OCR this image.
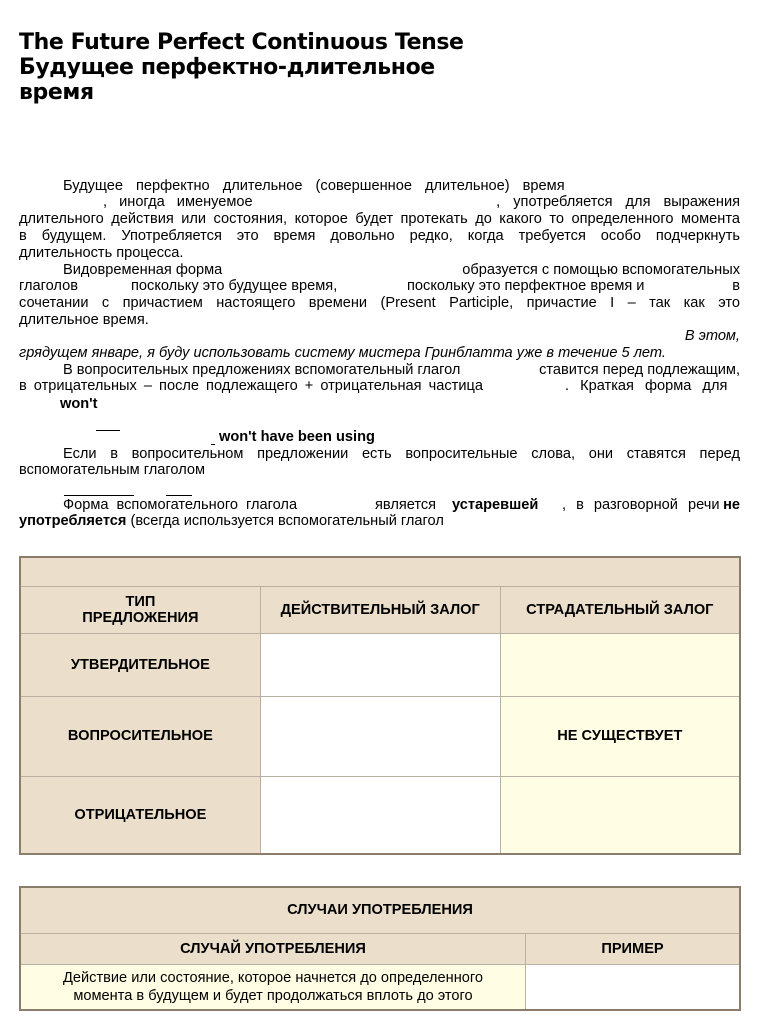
The Future Perfect Continuous Tense
Будущее перфектно-длительное
время
Будущее перфектно длительное (совершенное длительное) время
, иногда именуемое	, употребляется для выражения
длительного действия или состояния, которое будет протекать до какого то определенного момента
в будущем. Употребляется это время довольно редко, когда требуется особо подчеркнуть
длительность процесса.
Видовременная форма	образуется с помощью вспомогательных
глаголов	поскольку это будущее время,	поскольку это перфектное время и	в
сочетании с причастием настоящего времени (Present Participle, причастие I – так как это
длительное время.
В этом,
грядущем январе, я буду использовать систему мистера Гринблатта уже в течение 5 лет.
В вопросительных предложениях вспомогательный глагол	ставится перед подлежащим,
в отрицательных – после подлежащего + отрицательная частица	. Краткая форма для
won't
won't have been using
Если в вопросительном предложении есть вопросительные слова, они ставятся перед
вспомогательным глаголом
Форма вспомогательного глагола	является устаревшей , в разговорной речи не
употребляется (всегда используется вспомогательный глагол

ТИП
ПРЕДЛОЖЕНИЯ	ДЕЙСТВИТЕЛЬНЫЙ ЗАЛОГ	СТРАДАТЕЛЬНЫЙ ЗАЛОГ
УТВЕРДИТЕЛЬНОЕ		
ВОПРОСИТЕЛЬНОЕ		НЕ СУЩЕСТВУЕТ
ОТРИЦАТЕЛЬНОЕ		
СЛУЧАИ УПОТРЕБЛЕНИЯ	
СЛУЧАЙ УПОТРЕБЛЕНИЯ	ПРИМЕР
Действие или состояние, которое начнется до определенного момента в будущем и будет продолжаться вплоть до этого	
